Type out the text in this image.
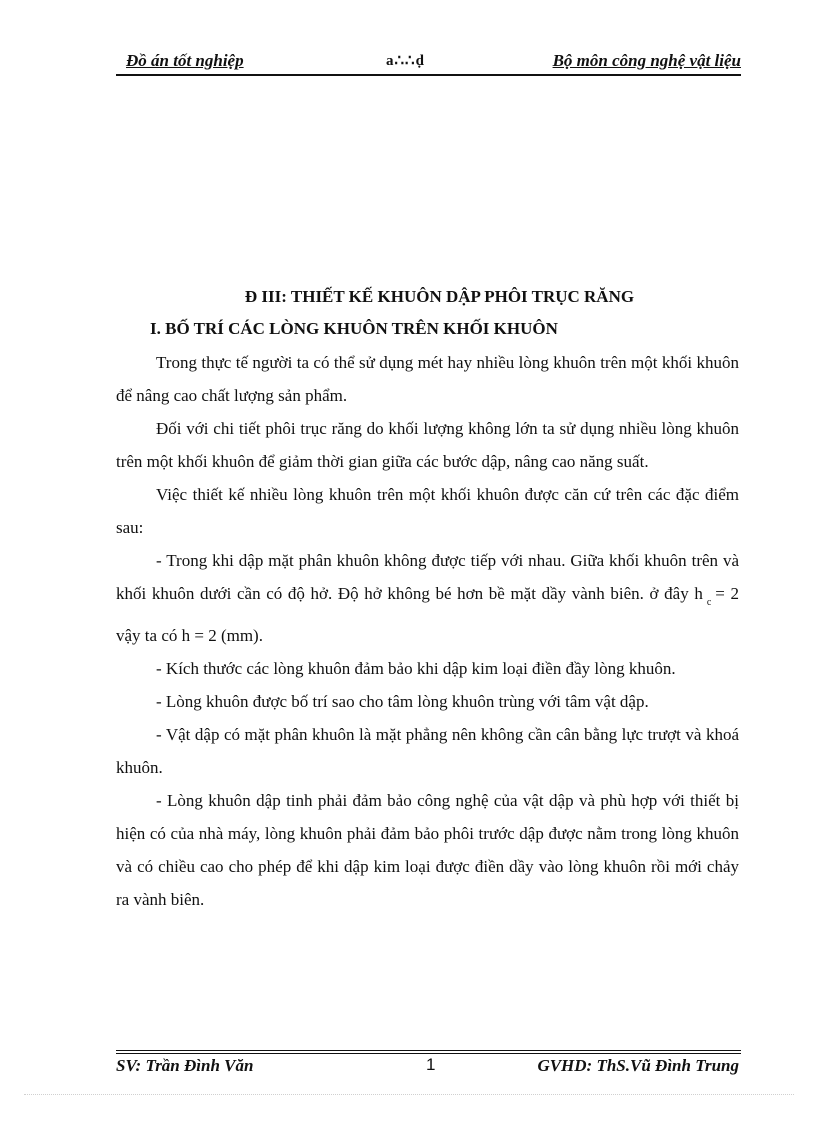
Đồ án tốt nghiệp	a∴∴ḍ	Bộ môn công nghệ vật liệu

Đ III: THIẾT KẾ KHUÔN DẬP PHÔI TRỤC RĂNG

I. BỐ TRÍ CÁC LÒNG KHUÔN TRÊN KHỐI KHUÔN

Trong thực tế người ta có thể sử dụng mét hay nhiều lòng khuôn trên một khối khuôn để nâng cao chất lượng sản phẩm.

Đối với chi tiết phôi trục răng do khối lượng không lớn ta sử dụng nhiều lòng khuôn trên một khối khuôn để giảm thời gian giữa các bước dập, nâng cao năng suất.

Việc thiết kế nhiều lòng khuôn trên một khối khuôn được căn cứ trên các đặc điểm sau:

- Trong khi dập mặt phân khuôn không được tiếp với nhau. Giữa khối khuôn trên và khối khuôn dưới cần có độ hở. Độ hở không bé hơn bề mặt dầy vành biên. ở đây h $_c$ = 2 vậy ta có h = 2 (mm).

- Kích thước các lòng khuôn đảm bảo khi dập kim loại điền đầy lòng khuôn.

- Lòng khuôn được bố trí sao cho tâm lòng khuôn trùng với tâm vật dập.

- Vật dập có mặt phân khuôn là mặt phẳng nên không cần cân bằng lực trượt và khoá khuôn.

- Lòng khuôn dập tinh phải đảm bảo công nghệ của vật dập và phù hợp với thiết bị hiện có của nhà máy, lòng khuôn phải đảm bảo phôi trước dập được nằm trong lòng khuôn và có chiều cao cho phép để khi dập kim loại được điền dầy vào lòng khuôn rồi mới chảy ra vành biên.

SV: Trần Đình Văn	1	GVHD: ThS.Vũ Đình Trung
